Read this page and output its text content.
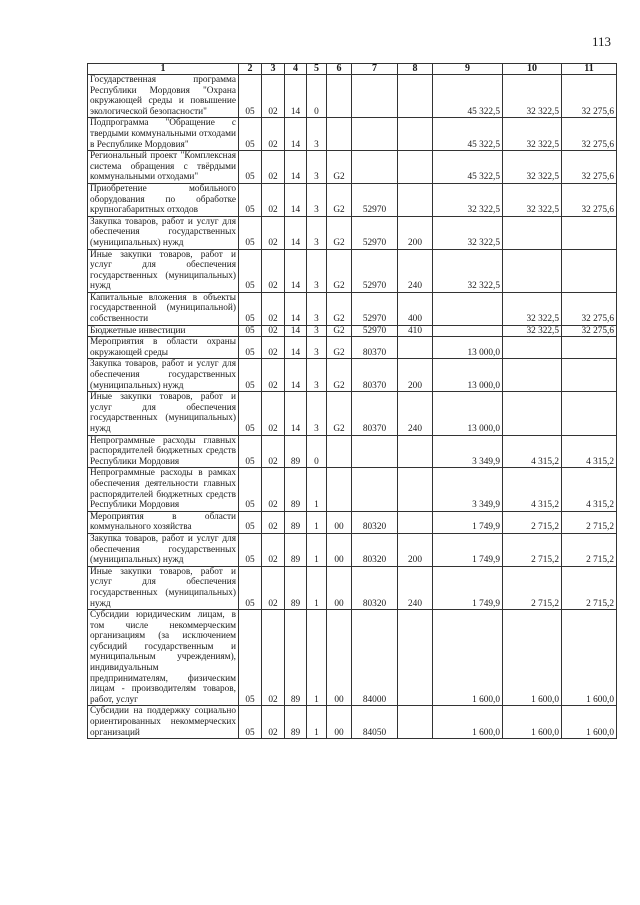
113
1	2	3	4	5	6	7	8	9	10	11
Государственная программа Республики Мордовия "Охрана окружающей среды и повышение экологической безопасности"	05	02	14	0				45 322,5	32 322,5	32 275,6
Подпрограмма "Обращение с твердыми коммунальными отходами в Республике Мордовия"	05	02	14	3				45 322,5	32 322,5	32 275,6
Региональный проект "Комплексная система обращения с твёрдыми коммунальными отходами"	05	02	14	3	G2			45 322,5	32 322,5	32 275,6
Приобретение мобильного оборудования по обработке крупногабаритных отходов	05	02	14	3	G2	52970		32 322,5	32 322,5	32 275,6
Закупка товаров, работ и услуг для обеспечения государственных (муниципальных) нужд	05	02	14	3	G2	52970	200	32 322,5		
Иные закупки товаров, работ и услуг для обеспечения государственных (муниципальных) нужд	05	02	14	3	G2	52970	240	32 322,5		
Капитальные вложения в объекты государственной (муниципальной) собственности	05	02	14	3	G2	52970	400		32 322,5	32 275,6
Бюджетные инвестиции	05	02	14	3	G2	52970	410		32 322,5	32 275,6
Мероприятия в области охраны окружающей среды	05	02	14	3	G2	80370		13 000,0		
Закупка товаров, работ и услуг для обеспечения государственных (муниципальных) нужд	05	02	14	3	G2	80370	200	13 000,0		
Иные закупки товаров, работ и услуг для обеспечения государственных (муниципальных) нужд	05	02	14	3	G2	80370	240	13 000,0		
Непрограммные расходы главных распорядителей бюджетных средств Республики Мордовия	05	02	89	0				3 349,9	4 315,2	4 315,2
Непрограммные расходы в рамках обеспечения деятельности главных распорядителей бюджетных средств Республики Мордовия	05	02	89	1				3 349,9	4 315,2	4 315,2
Мероприятия в области коммунального хозяйства	05	02	89	1	00	80320		1 749,9	2 715,2	2 715,2
Закупка товаров, работ и услуг для обеспечения государственных (муниципальных) нужд	05	02	89	1	00	80320	200	1 749,9	2 715,2	2 715,2
Иные закупки товаров, работ и услуг для обеспечения государственных (муниципальных) нужд	05	02	89	1	00	80320	240	1 749,9	2 715,2	2 715,2
Субсидии юридическим лицам, в том числе некоммерческим организациям (за исключением субсидий государственным и муниципальным учреждениям), индивидуальным предпринимателям, физическим лицам - производителям товаров, работ, услуг	05	02	89	1	00	84000		1 600,0	1 600,0	1 600,0
Субсидии на поддержку социально ориентированных некоммерческих организаций	05	02	89	1	00	84050		1 600,0	1 600,0	1 600,0
